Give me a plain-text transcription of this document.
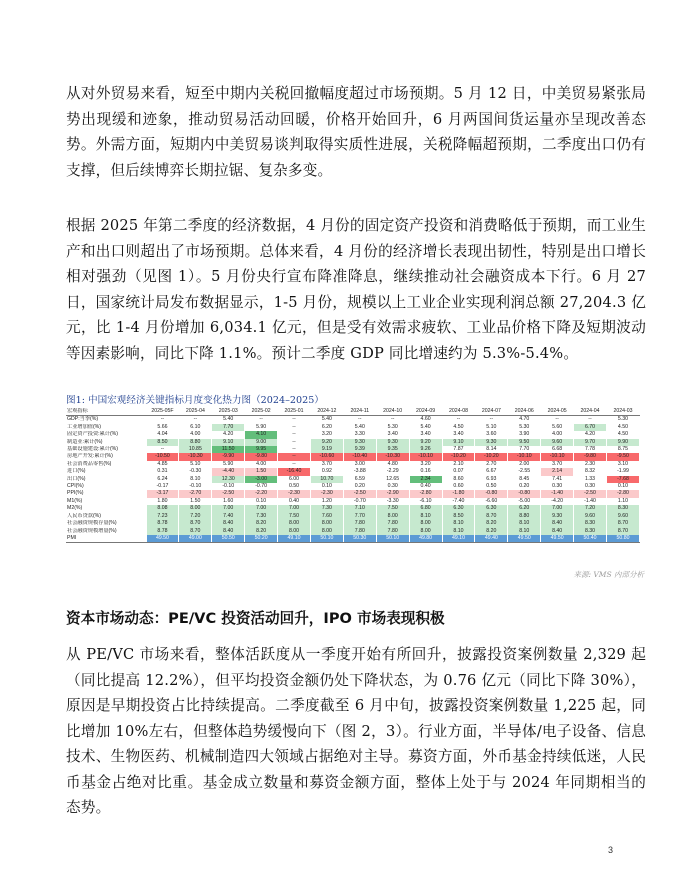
从对外贸易来看，短至中期内关税回撤幅度超过市场预期。5 月 12 日，中美贸易紧张局势出现缓和迹象，推动贸易活动回暖，价格开始回升，6 月两国间货运量亦呈现改善态势。外需方面，短期内中美贸易谈判取得实质性进展，关税降幅超预期，二季度出口仍有支撑，但后续博弈长期拉锯、复杂多变。

根据 2025 年第二季度的经济数据，4 月份的固定资产投资和消费略低于预期，而工业生产和出口则超出了市场预期。总体来看，4 月份的经济增长表现出韧性，特别是出口增长相对强劲（见图 1）。5 月份央行宣布降准降息，继续推动社会融资成本下行。6 月 27 日，国家统计局发布数据显示，1-5 月份，规模以上工业企业实现利润总额 27,204.3 亿元，比 1-4 月份增加 6,034.1 亿元，但是受有效需求疲软、工业品价格下降及短期波动等因素影响，同比下降 1.1%。预计二季度 GDP 同比增速约为 5.3%-5.4%。

图1: 中国宏观经济关键指标月度变化热力图（2024–2025）

宏观指标	2025-05F	2025-04	2025-03	2025-02	2025-01	2024-12	2024-11	2024-10	2024-09	2024-08	2024-07	2024-06	2024-05	2024-04	2024-03
GDP:当季(%)	--	--	5.40	--	--	5.40	--	--	4.60	--	--	4.70	--	--	5.30
工业增加值(%)	5.66	6.10	7.70	5.90	--	6.20	5.40	5.30	5.40	4.50	5.10	5.30	5.60	6.70	4.50
固定资产投资:累计(%)	4.04	4.00	4.20	4.10	--	3.20	3.30	3.40	3.40	3.40	3.60	3.90	4.00	4.20	4.50
制造业:累计(%)	8.50	8.80	9.10	9.00	--	9.20	9.30	9.30	9.20	9.10	9.30	9.50	9.60	9.70	9.90
基础设施建设:累计(%)	--	10.85	11.50	9.95	--	9.19	9.39	9.35	9.26	7.87	8.14	7.70	6.68	7.78	8.75
房地产开发:累计(%)	-10.50	-10.30	-9.90	-9.80	--	-10.60	-10.40	-10.30	-10.10	-10.20	-10.20	-10.10	-10.10	-9.80	-9.50
社会消费品零售(%)	4.85	5.10	5.90	4.00	--	3.70	3.00	4.80	3.20	2.10	2.70	2.00	3.70	2.30	3.10
进口(%)	0.31	-0.30	-4.40	1.50	-16.40	0.92	-3.88	-2.29	0.16	0.07	6.67	-2.55	2.14	8.32	-1.99
出口(%)	6.24	8.10	12.30	-3.00	6.00	10.70	6.59	12.65	2.34	8.60	6.93	8.45	7.41	1.33	-7.68
CPI(%)	-0.17	-0.10	-0.10	-0.70	0.50	0.10	0.20	0.30	0.40	0.60	0.50	0.20	0.30	0.30	0.10
PPI(%)	-3.17	-2.70	-2.50	-2.20	-2.30	-2.30	-2.50	-2.90	-2.80	-1.80	-0.80	-0.80	-1.40	-2.50	-2.80
M1(%)	1.80	1.50	1.60	0.10	0.40	1.20	-0.70	-3.30	-6.10	-7.40	-6.60	-5.00	-4.20	-1.40	1.10
M2(%)	8.08	8.00	7.00	7.00	7.00	7.30	7.10	7.50	6.80	6.30	6.30	6.20	7.00	7.20	8.30
人民币贷款(%)	7.23	7.20	7.40	7.30	7.50	7.60	7.70	8.00	8.10	8.50	8.70	8.80	9.30	9.60	9.60
社会融资规模存量(%)	8.78	8.70	8.40	8.20	8.00	8.00	7.80	7.80	8.00	8.10	8.20	8.10	8.40	8.30	8.70
社会融资规模增量(%)	8.78	8.70	8.40	8.20	8.00	8.00	7.80	7.80	8.00	8.10	8.20	8.10	8.40	8.30	8.70
PMI	49.50	49.00	50.50	50.20	49.10	50.10	50.30	50.10	49.80	49.10	49.40	49.50	49.50	50.40	50.80

来源: VMS 内部分析

资本市场动态：PE/VC 投资活动回升，IPO 市场表现积极

从 PE/VC 市场来看，整体活跃度从一季度开始有所回升，披露投资案例数量 2,329 起（同比提高 12.2%），但平均投资金额仍处下降状态，为 0.76 亿元（同比下降 30%），原因是早期投资占比持续提高。二季度截至 6 月中旬，披露投资案例数量 1,225 起，同比增加 10%左右，但整体趋势缓慢向下（图 2，3）。行业方面，半导体/电子设备、信息技术、生物医药、机械制造四大领域占据绝对主导。募资方面，外币基金持续低迷，人民币基金占绝对比重。基金成立数量和募资金额方面，整体上处于与 2024 年同期相当的态势。

3
